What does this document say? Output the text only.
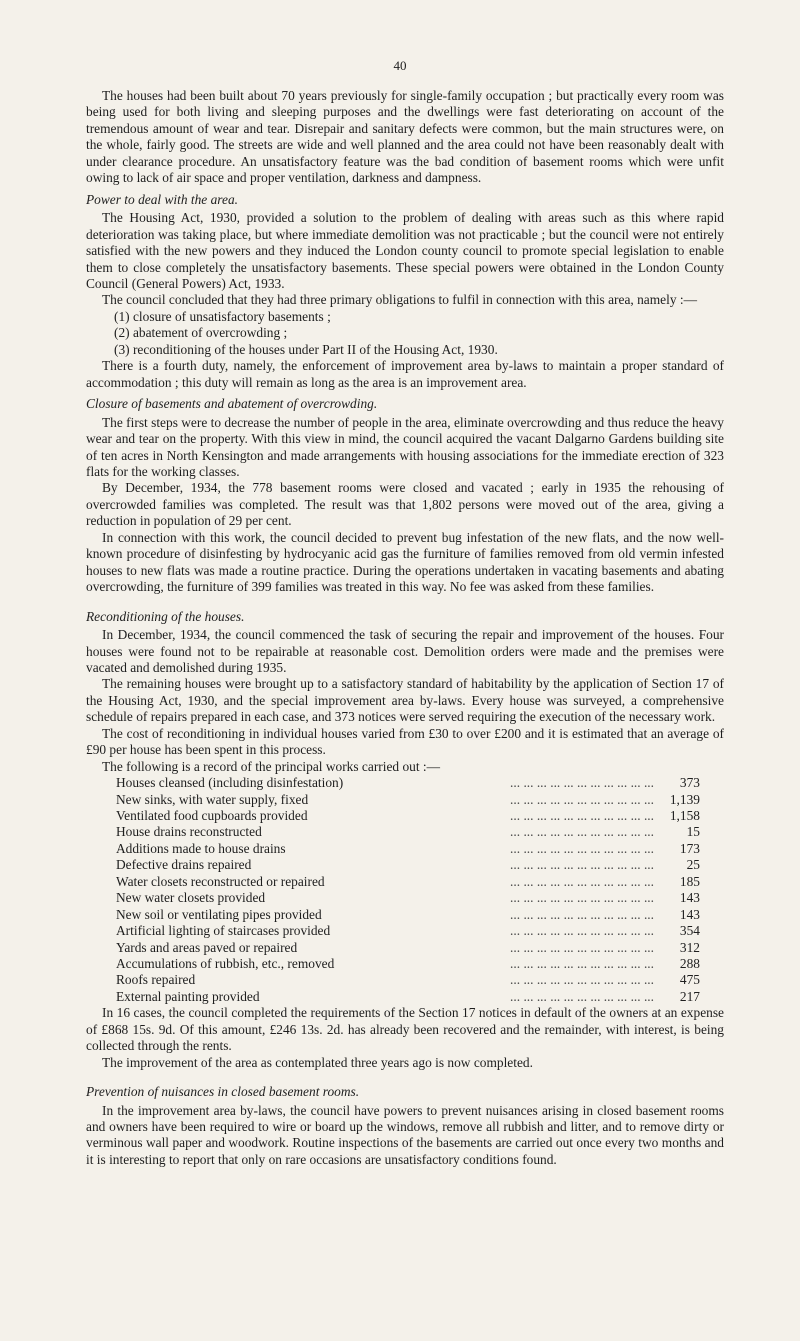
40

The houses had been built about 70 years previously for single-family occupation ; but practically every room was being used for both living and sleeping purposes and the dwellings were fast deteriorating on account of the tremendous amount of wear and tear. Disrepair and sanitary defects were common, but the main structures were, on the whole, fairly good. The streets are wide and well planned and the area could not have been reasonably dealt with under clearance procedure. An unsatisfactory feature was the bad condition of basement rooms which were unfit owing to lack of air space and proper ventilation, darkness and dampness.

Power to deal with the area.

The Housing Act, 1930, provided a solution to the problem of dealing with areas such as this where rapid deterioration was taking place, but where immediate demolition was not practicable ; but the council were not entirely satisfied with the new powers and they induced the London county council to promote special legislation to enable them to close completely the unsatisfactory basements. These special powers were obtained in the London County Council (General Powers) Act, 1933.

The council concluded that they had three primary obligations to fulfil in connection with this area, namely :—

(1) closure of unsatisfactory basements ;
(2) abatement of overcrowding ;
(3) reconditioning of the houses under Part II of the Housing Act, 1930.

There is a fourth duty, namely, the enforcement of improvement area by-laws to maintain a proper standard of accommodation ; this duty will remain as long as the area is an improvement area.

Closure of basements and abatement of overcrowding.

The first steps were to decrease the number of people in the area, eliminate overcrowding and thus reduce the heavy wear and tear on the property. With this view in mind, the council acquired the vacant Dalgarno Gardens building site of ten acres in North Kensington and made arrangements with housing associations for the immediate erection of 323 flats for the working classes.

By December, 1934, the 778 basement rooms were closed and vacated ; early in 1935 the rehousing of overcrowded families was completed. The result was that 1,802 persons were moved out of the area, giving a reduction in population of 29 per cent.

In connection with this work, the council decided to prevent bug infestation of the new flats, and the now well-known procedure of disinfesting by hydrocyanic acid gas the furniture of families removed from old vermin infested houses to new flats was made a routine practice. During the operations undertaken in vacating basements and abating overcrowding, the furniture of 399 families was treated in this way. No fee was asked from these families.

Reconditioning of the houses.

In December, 1934, the council commenced the task of securing the repair and improvement of the houses. Four houses were found not to be repairable at reasonable cost. Demolition orders were made and the premises were vacated and demolished during 1935.

The remaining houses were brought up to a satisfactory standard of habitability by the application of Section 17 of the Housing Act, 1930, and the special improvement area by-laws. Every house was surveyed, a comprehensive schedule of repairs prepared in each case, and 373 notices were served requiring the execution of the necessary work.

The cost of reconditioning in individual houses varied from £30 to over £200 and it is estimated that an average of £90 per house has been spent in this process.

The following is a record of the principal works carried out :—

Houses cleansed (including disinfestation)	... ... ... ... ... ... ... ... ... ... ...	373
New sinks, with water supply, fixed	... ... ... ... ... ... ... ... ... ... ...	1,139
Ventilated food cupboards provided	... ... ... ... ... ... ... ... ... ... ...	1,158
House drains reconstructed	... ... ... ... ... ... ... ... ... ... ...	15
Additions made to house drains	... ... ... ... ... ... ... ... ... ... ...	173
Defective drains repaired	... ... ... ... ... ... ... ... ... ... ...	25
Water closets reconstructed or repaired	... ... ... ... ... ... ... ... ... ... ...	185
New water closets provided	... ... ... ... ... ... ... ... ... ... ...	143
New soil or ventilating pipes provided	... ... ... ... ... ... ... ... ... ... ...	143
Artificial lighting of staircases provided	... ... ... ... ... ... ... ... ... ... ...	354
Yards and areas paved or repaired	... ... ... ... ... ... ... ... ... ... ...	312
Accumulations of rubbish, etc., removed	... ... ... ... ... ... ... ... ... ... ...	288
Roofs repaired	... ... ... ... ... ... ... ... ... ... ...	475
External painting provided	... ... ... ... ... ... ... ... ... ... ...	217

In 16 cases, the council completed the requirements of the Section 17 notices in default of the owners at an expense of £868 15s. 9d. Of this amount, £246 13s. 2d. has already been recovered and the remainder, with interest, is being collected through the rents.

The improvement of the area as contemplated three years ago is now completed.

Prevention of nuisances in closed basement rooms.

In the improvement area by-laws, the council have powers to prevent nuisances arising in closed basement rooms and owners have been required to wire or board up the windows, remove all rubbish and litter, and to remove dirty or verminous wall paper and woodwork. Routine inspections of the basements are carried out once every two months and it is interesting to report that only on rare occasions are unsatisfactory conditions found.
